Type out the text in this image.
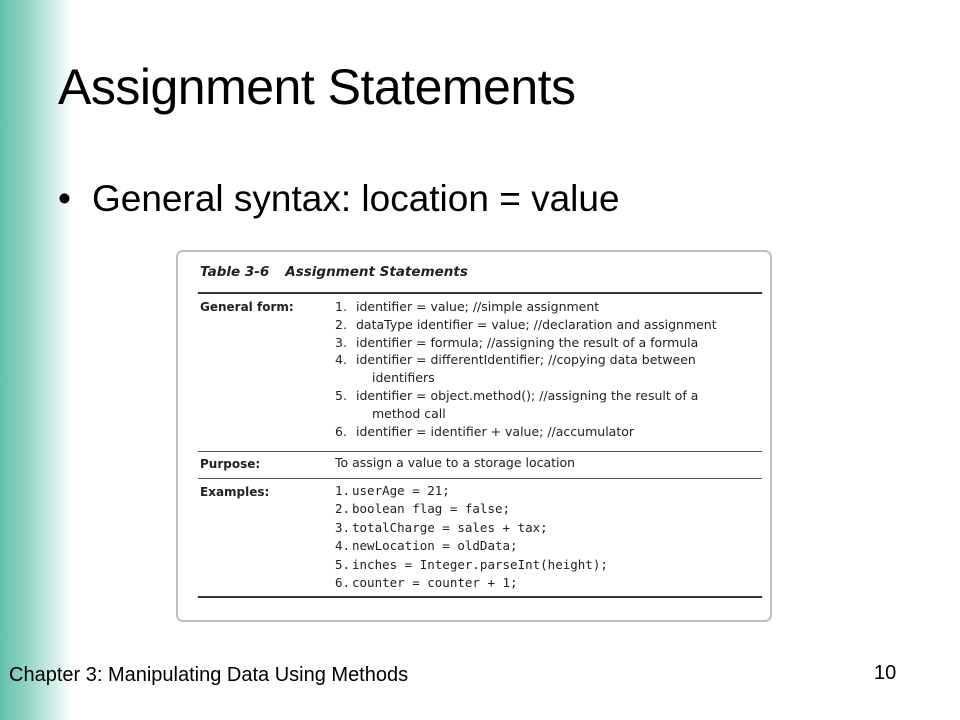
Assignment Statements
• General syntax: location = value
Table 3-6 Assignment Statements
General form:	1. identifier = value; //simple assignment
2. dataType identifier = value; //declaration and assignment
3. identifier = formula; //assigning the result of a formula
4. identifier = differentIdentifier; //copying data between
identifiers
5. identifier = object.method(); //assigning the result of a
method call
6. identifier = identifier + value; //accumulator
Purpose:	To assign a value to a storage location
Examples:	1. userAge = 21;
2. boolean flag = false;
3. totalCharge = sales + tax;
4. newLocation = oldData;
5. inches = Integer.parseInt(height);
6. counter = counter + 1;
Chapter 3: Manipulating Data Using Methods	10
